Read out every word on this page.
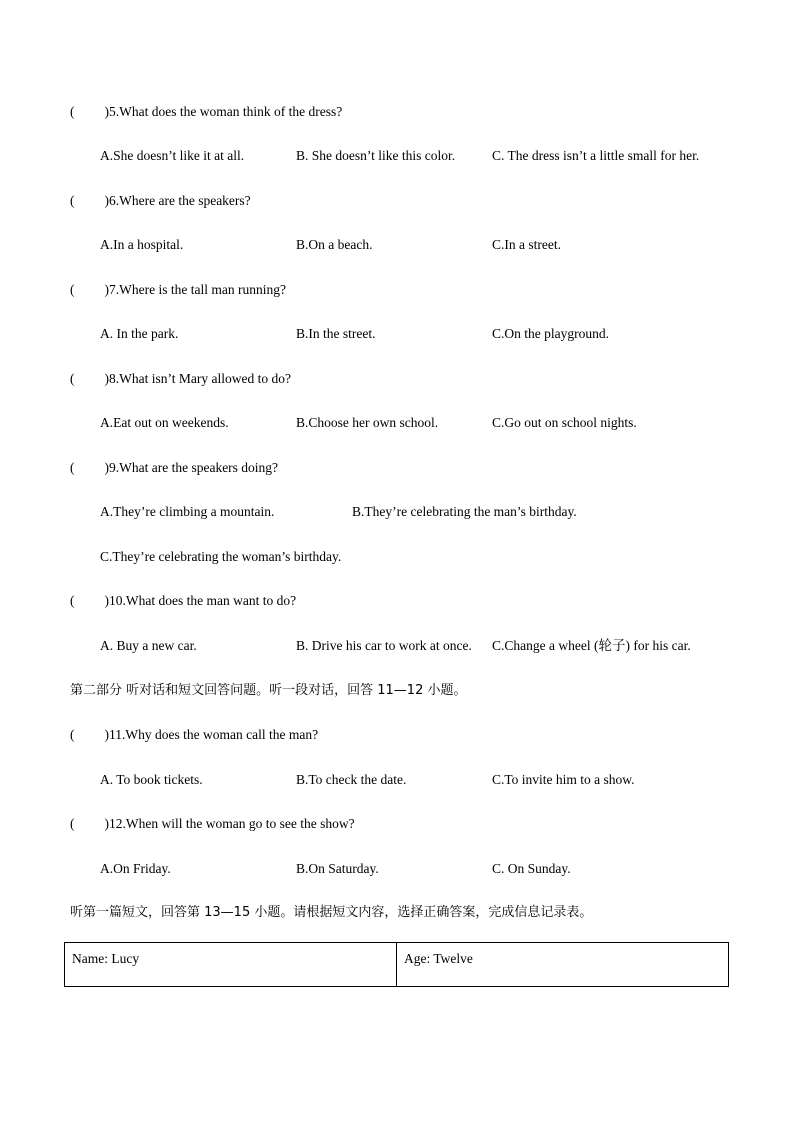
( )5.What does the woman think of the dress?
A.She doesn’t like it at all.	B. She doesn’t like this color.	C. The dress isn’t a little small for her.
( )6.Where are the speakers?
A.In a hospital.	B.On a beach.	C.In a street.
( )7.Where is the tall man running?
A. In the park.	B.In the street.	C.On the playground.
( )8.What isn’t Mary allowed to do?
A.Eat out on weekends.	B.Choose her own school.	C.Go out on school nights.
( )9.What are the speakers doing?
A.They’re climbing a mountain.	B.They’re celebrating the man’s birthday.
C.They’re celebrating the woman’s birthday.
( )10.What does the man want to do?
A. Buy a new car.	B. Drive his car to work at once. C.Change a wheel (轮子) for his car.
第二部分 听对话和短文回答问题。听一段对话，回答 11—12 小题。
( )11.Why does the woman call the man?
A. To book tickets.	B.To check the date.	C.To invite him to a show.
( )12.When will the woman go to see the show?
A.On Friday.	B.On Saturday.	C. On Sunday.
听第一篇短文，回答第 13—15 小题。请根据短文内容，选择正确答案，完成信息记录表。
Name: Lucy	Age: Twelve
